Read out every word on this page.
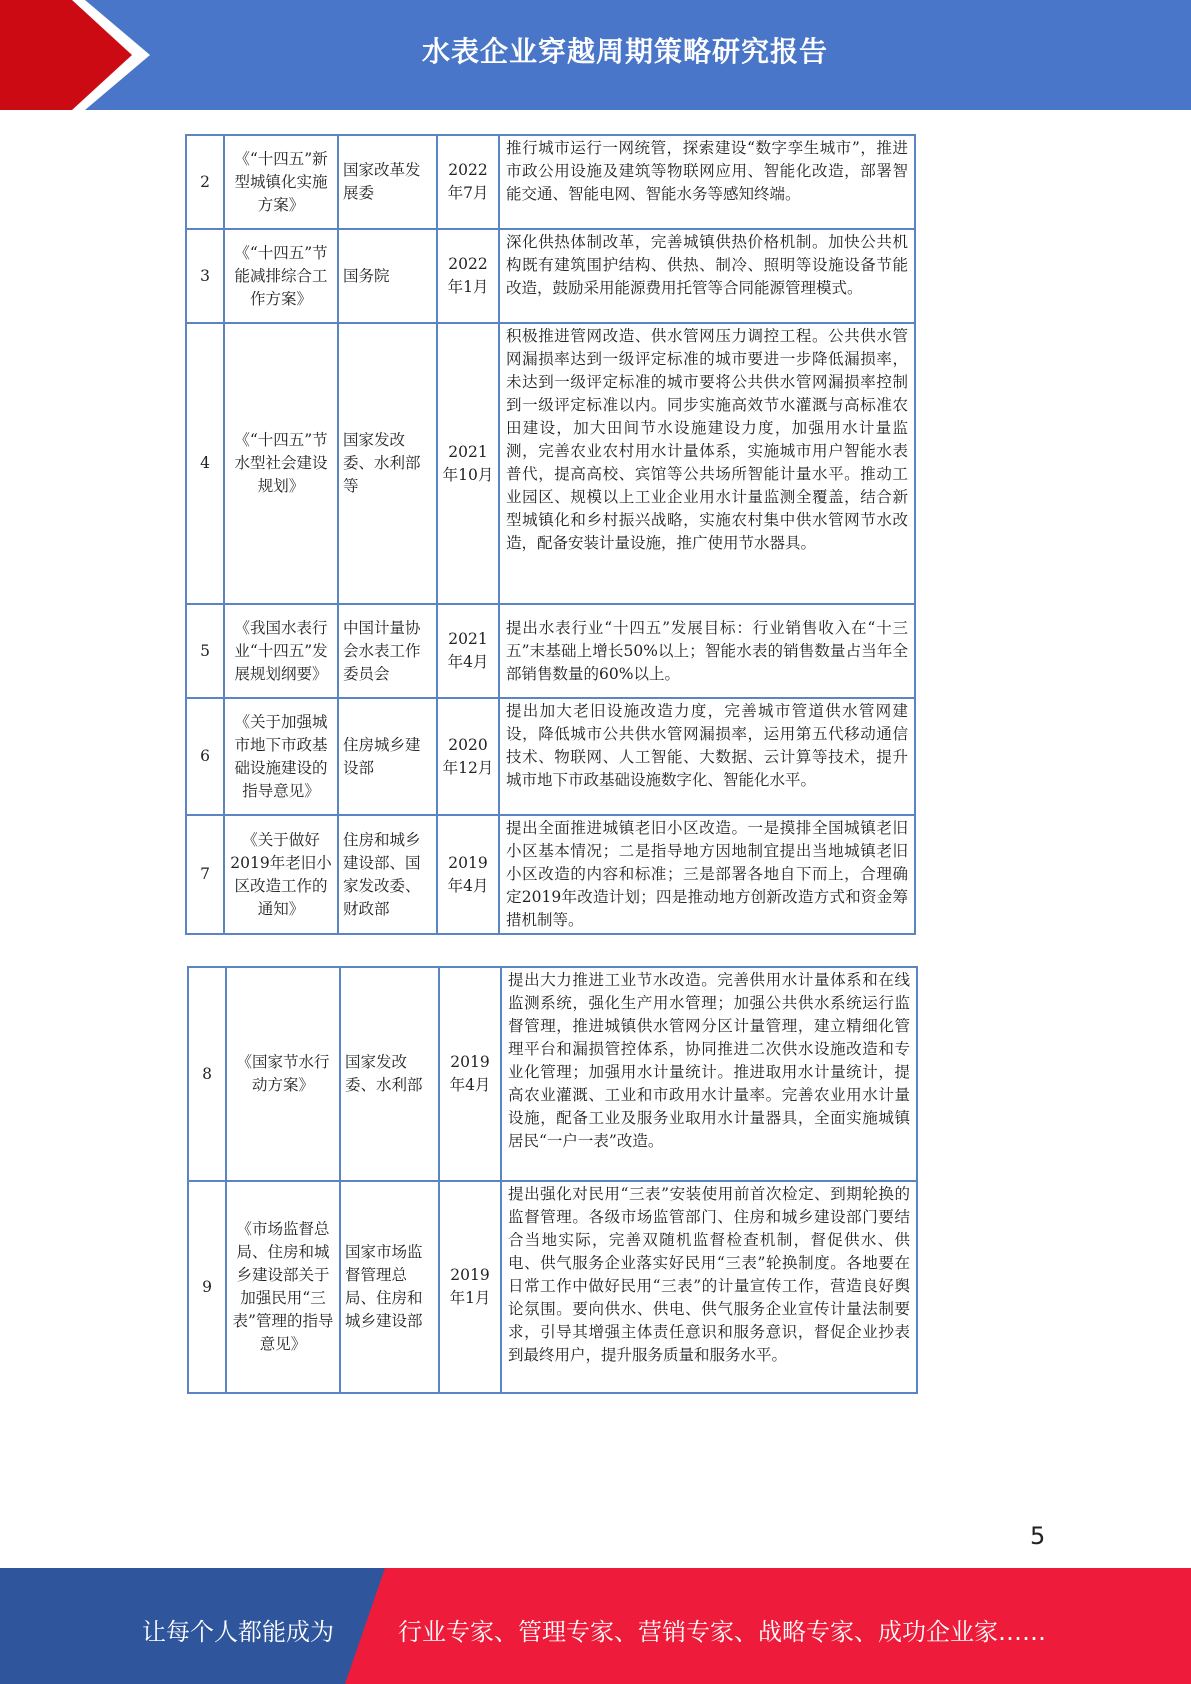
水表企业穿越周期策略研究报告
2	《“十四五”新型城镇化实施方案》	国家改革发展委	2022年7月	推行城市运行一网统管，探索建设“数字孪生城市”，推进市政公用设施及建筑等物联网应用、智能化改造，部署智能交通、智能电网、智能水务等感知终端。
3	《“十四五”节能减排综合工作方案》	国务院	2022年1月	深化供热体制改革，完善城镇供热价格机制。加快公共机构既有建筑围护结构、供热、制冷、照明等设施设备节能改造，鼓励采用能源费用托管等合同能源管理模式。
4	《“十四五”节水型社会建设规划》	国家发改委、水利部等	2021年10月	积极推进管网改造、供水管网压力调控工程。公共供水管网漏损率达到一级评定标准的城市要进一步降低漏损率，未达到一级评定标准的城市要将公共供水管网漏损率控制到一级评定标准以内。同步实施高效节水灌溉与高标准农田建设，加大田间节水设施建设力度，加强用水计量监测，完善农业农村用水计量体系，实施城市用户智能水表普代，提高高校、宾馆等公共场所智能计量水平。推动工业园区、规模以上工业企业用水计量监测全覆盖，结合新型城镇化和乡村振兴战略，实施农村集中供水管网节水改造，配备安装计量设施，推广使用节水器具。
5	《我国水表行业“十四五”发展规划纲要》	中国计量协会水表工作委员会	2021年4月	提出水表行业“十四五”发展目标：行业销售收入在“十三五”末基础上增长50%以上；智能水表的销售数量占当年全部销售数量的60%以上。
6	《关于加强城市地下市政基础设施建设的指导意见》	住房城乡建设部	2020年12月	提出加大老旧设施改造力度，完善城市管道供水管网建设，降低城市公共供水管网漏损率，运用第五代移动通信技术、物联网、人工智能、大数据、云计算等技术，提升城市地下市政基础设施数字化、智能化水平。
7	《关于做好2019年老旧小区改造工作的通知》	住房和城乡建设部、国家发改委、财政部	2019年4月	提出全面推进城镇老旧小区改造。一是摸排全国城镇老旧小区基本情况；二是指导地方因地制宜提出当地城镇老旧小区改造的内容和标准；三是部署各地自下而上，合理确定2019年改造计划；四是推动地方创新改造方式和资金筹措机制等。
8	《国家节水行动方案》	国家发改委、水利部	2019年4月	提出大力推进工业节水改造。完善供用水计量体系和在线监测系统，强化生产用水管理；加强公共供水系统运行监督管理，推进城镇供水管网分区计量管理，建立精细化管理平台和漏损管控体系，协同推进二次供水设施改造和专业化管理；加强用水计量统计。推进取用水计量统计，提高农业灌溉、工业和市政用水计量率。完善农业用水计量设施，配备工业及服务业取用水计量器具，全面实施城镇居民“一户一表”改造。
9	《市场监督总局、住房和城乡建设部关于加强民用“三表”管理的指导意见》	国家市场监督管理总局、住房和城乡建设部	2019年1月	提出强化对民用“三表”安装使用前首次检定、到期轮换的监督管理。各级市场监管部门、住房和城乡建设部门要结合当地实际，完善双随机监督检查机制，督促供水、供电、供气服务企业落实好民用“三表”轮换制度。各地要在日常工作中做好民用“三表”的计量宣传工作，营造良好舆论氛围。要向供水、供电、供气服务企业宣传计量法制要求，引导其增强主体责任意识和服务意识，督促企业抄表到最终用户，提升服务质量和服务水平。
5
让每个人都能成为	行业专家、管理专家、营销专家、战略专家、成功企业家……
